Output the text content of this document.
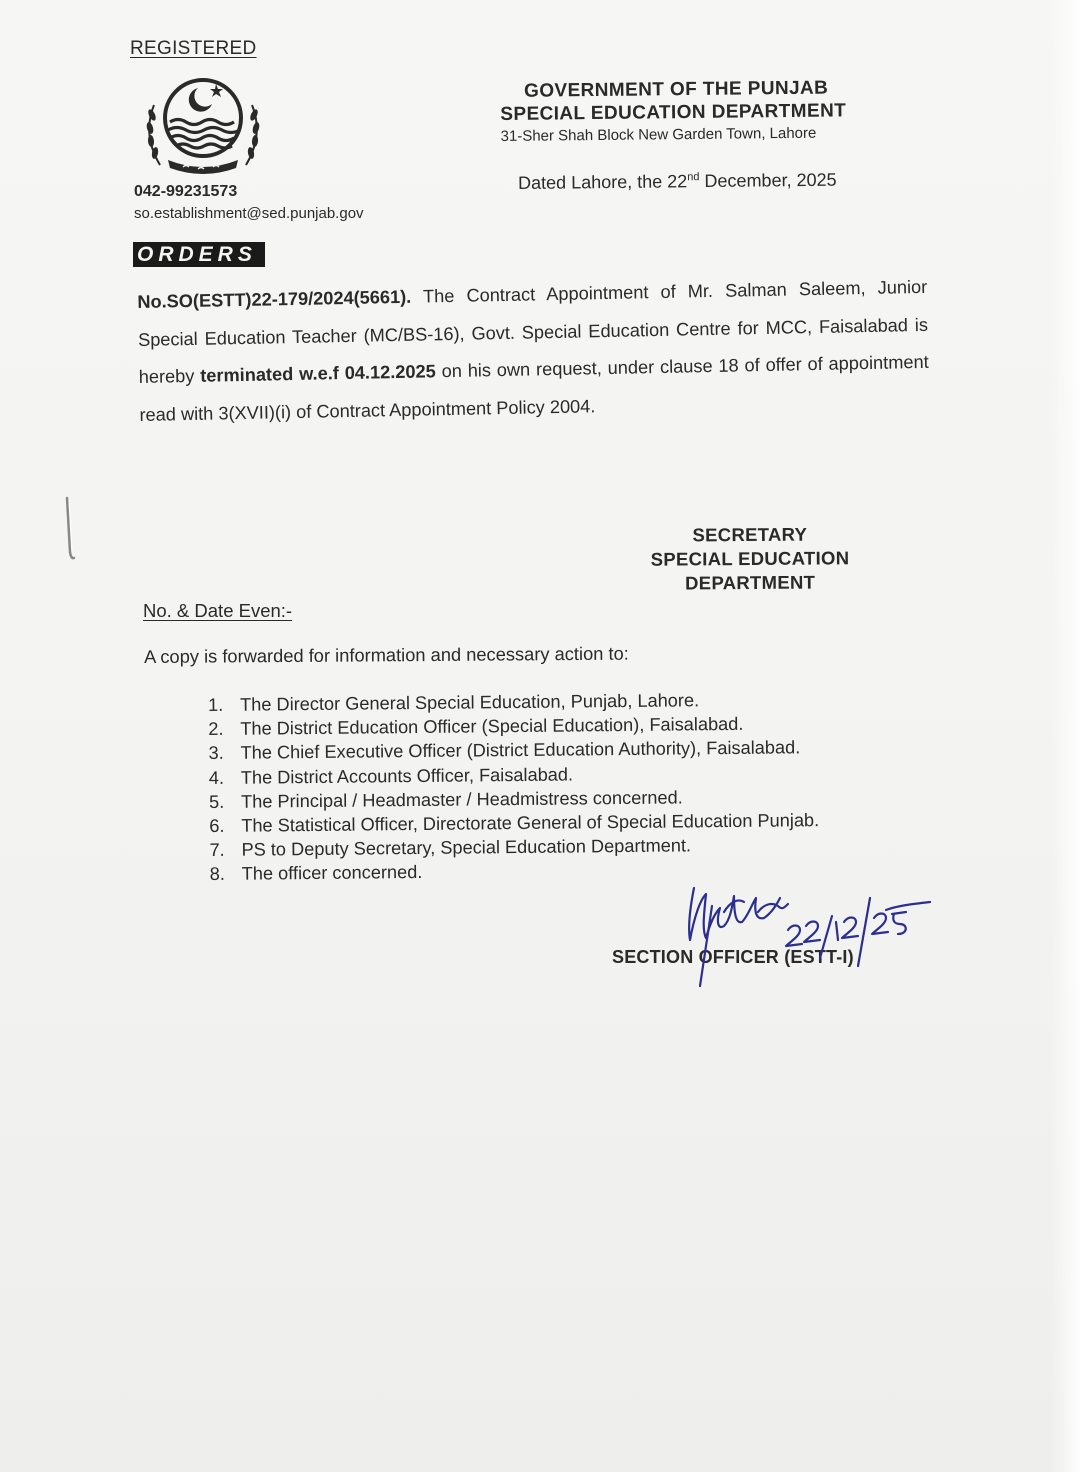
REGISTERED
042-99231573
so.establishment@sed.punjab.gov
ORDERS
GOVERNMENT OF THE PUNJAB
SPECIAL EDUCATION DEPARTMENT
31-Sher Shah Block New Garden Town, Lahore
Dated Lahore, the 22nd December, 2025
No.SO(ESTT)22-179/2024(5661). The Contract Appointment of Mr. Salman Saleem, Junior Special Education Teacher (MC/BS-16), Govt. Special Education Centre for MCC, Faisalabad is hereby terminated w.e.f 04.12.2025 on his own request, under clause 18 of offer of appointment read with 3(XVII)(i) of Contract Appointment Policy 2004.
SECRETARY
SPECIAL EDUCATION
DEPARTMENT
No. & Date Even:-
A copy is forwarded for information and necessary action to:
1. The Director General Special Education, Punjab, Lahore.
2. The District Education Officer (Special Education), Faisalabad.
3. The Chief Executive Officer (District Education Authority), Faisalabad.
4. The District Accounts Officer, Faisalabad.
5. The Principal / Headmaster / Headmistress concerned.
6. The Statistical Officer, Directorate General of Special Education Punjab.
7. PS to Deputy Secretary, Special Education Department.
8. The officer concerned.
SECTION OFFICER (ESTT-I)
